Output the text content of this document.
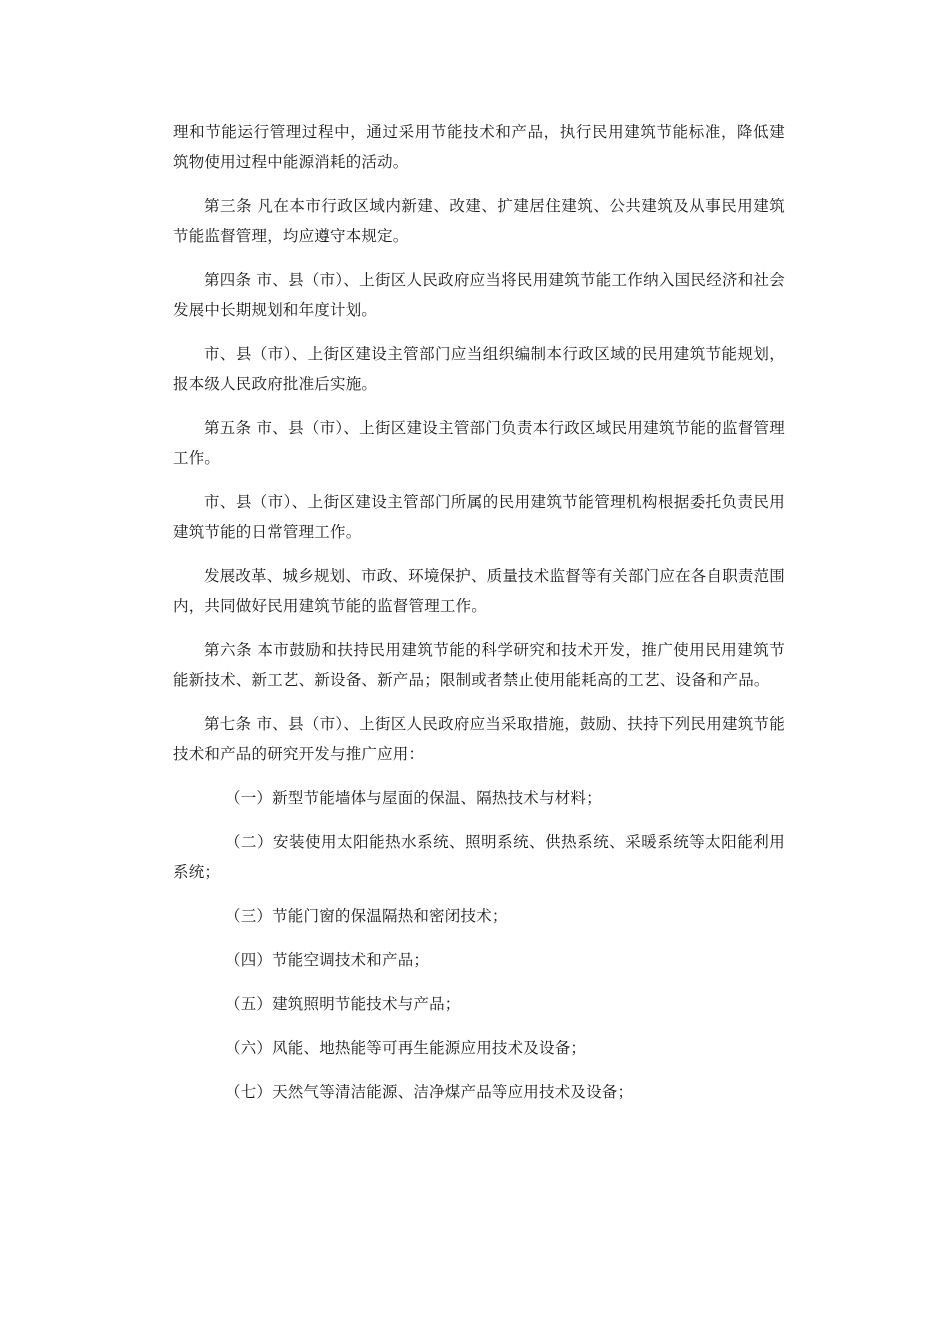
理和节能运行管理过程中，通过采用节能技术和产品，执行民用建筑节能标准，降低建筑物使用过程中能源消耗的活动。

第三条 凡在本市行政区域内新建、改建、扩建居住建筑、公共建筑及从事民用建筑节能监督管理，均应遵守本规定。

第四条 市、县（市）、上街区人民政府应当将民用建筑节能工作纳入国民经济和社会发展中长期规划和年度计划。

市、县（市）、上街区建设主管部门应当组织编制本行政区域的民用建筑节能规划，报本级人民政府批准后实施。

第五条 市、县（市）、上街区建设主管部门负责本行政区域民用建筑节能的监督管理工作。

市、县（市）、上街区建设主管部门所属的民用建筑节能管理机构根据委托负责民用建筑节能的日常管理工作。

发展改革、城乡规划、市政、环境保护、质量技术监督等有关部门应在各自职责范围内，共同做好民用建筑节能的监督管理工作。

第六条 本市鼓励和扶持民用建筑节能的科学研究和技术开发，推广使用民用建筑节能新技术、新工艺、新设备、新产品；限制或者禁止使用能耗高的工艺、设备和产品。

第七条 市、县（市）、上街区人民政府应当采取措施，鼓励、扶持下列民用建筑节能技术和产品的研究开发与推广应用：

（一）新型节能墙体与屋面的保温、隔热技术与材料；

（二）安装使用太阳能热水系统、照明系统、供热系统、采暖系统等太阳能利用系统；

（三）节能门窗的保温隔热和密闭技术；

（四）节能空调技术和产品；

（五）建筑照明节能技术与产品；

（六）风能、地热能等可再生能源应用技术及设备；

（七）天然气等清洁能源、洁净煤产品等应用技术及设备；
